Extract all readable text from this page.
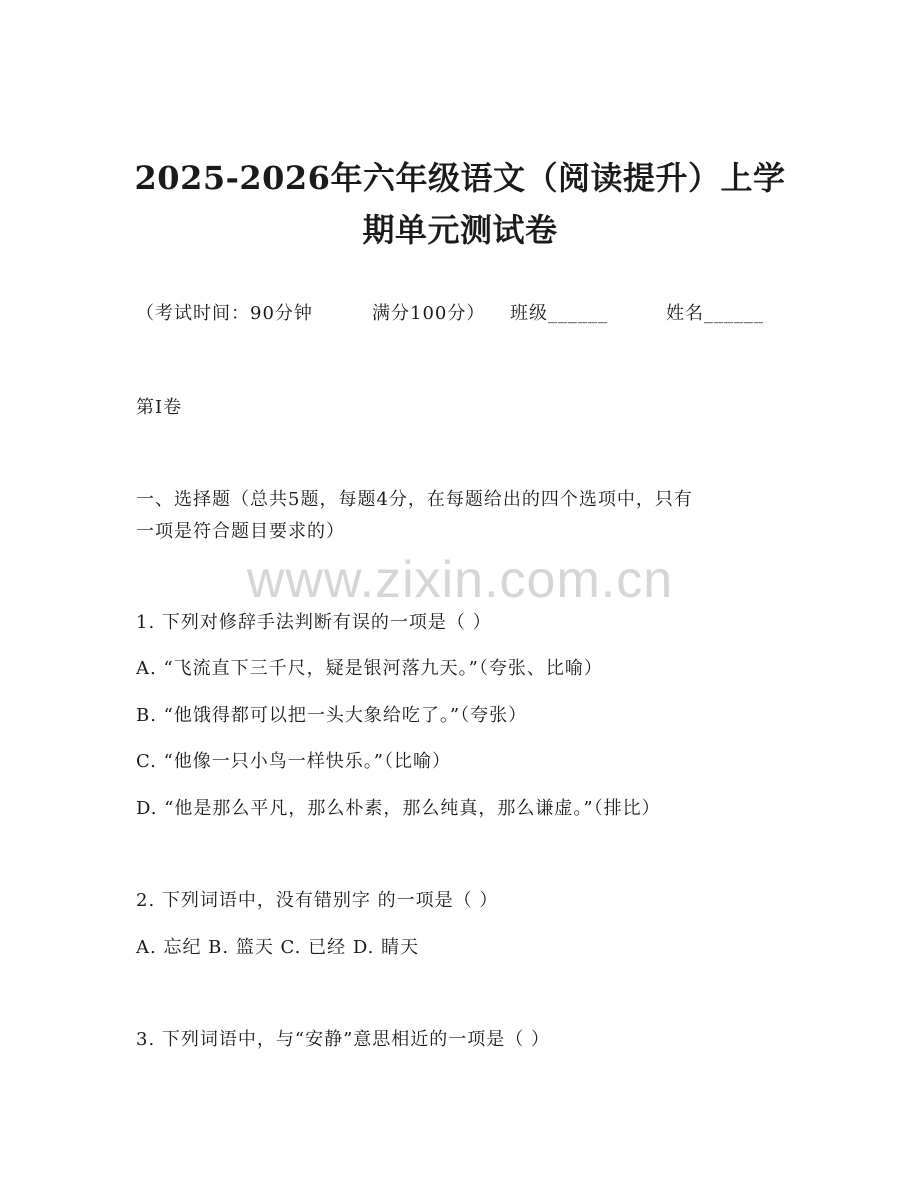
2025-2026年六年级语文（阅读提升）上学
期单元测试卷
（考试时间：90分钟	满分100分） 班级______	姓名______
第Ⅰ卷
一、选择题（总共5题，每题4分，在每题给出的四个选项中，只有
一项是符合题目要求的）
www.zixin.com.cn
1. 下列对修辞手法判断有误的一项是（ ）
A. “飞流直下三千尺，疑是银河落九天。”（夸张、比喻）
B. “他饿得都可以把一头大象给吃了。”（夸张）
C. “他像一只小鸟一样快乐。”（比喻）
D. “他是那么平凡，那么朴素，那么纯真，那么谦虚。”（排比）
2. 下列词语中，没有错别字 的一项是（ ）
A. 忘纪 B. 篮天 C. 已经 D. 睛天
3. 下列词语中，与“安静”意思相近的一项是（ ）
